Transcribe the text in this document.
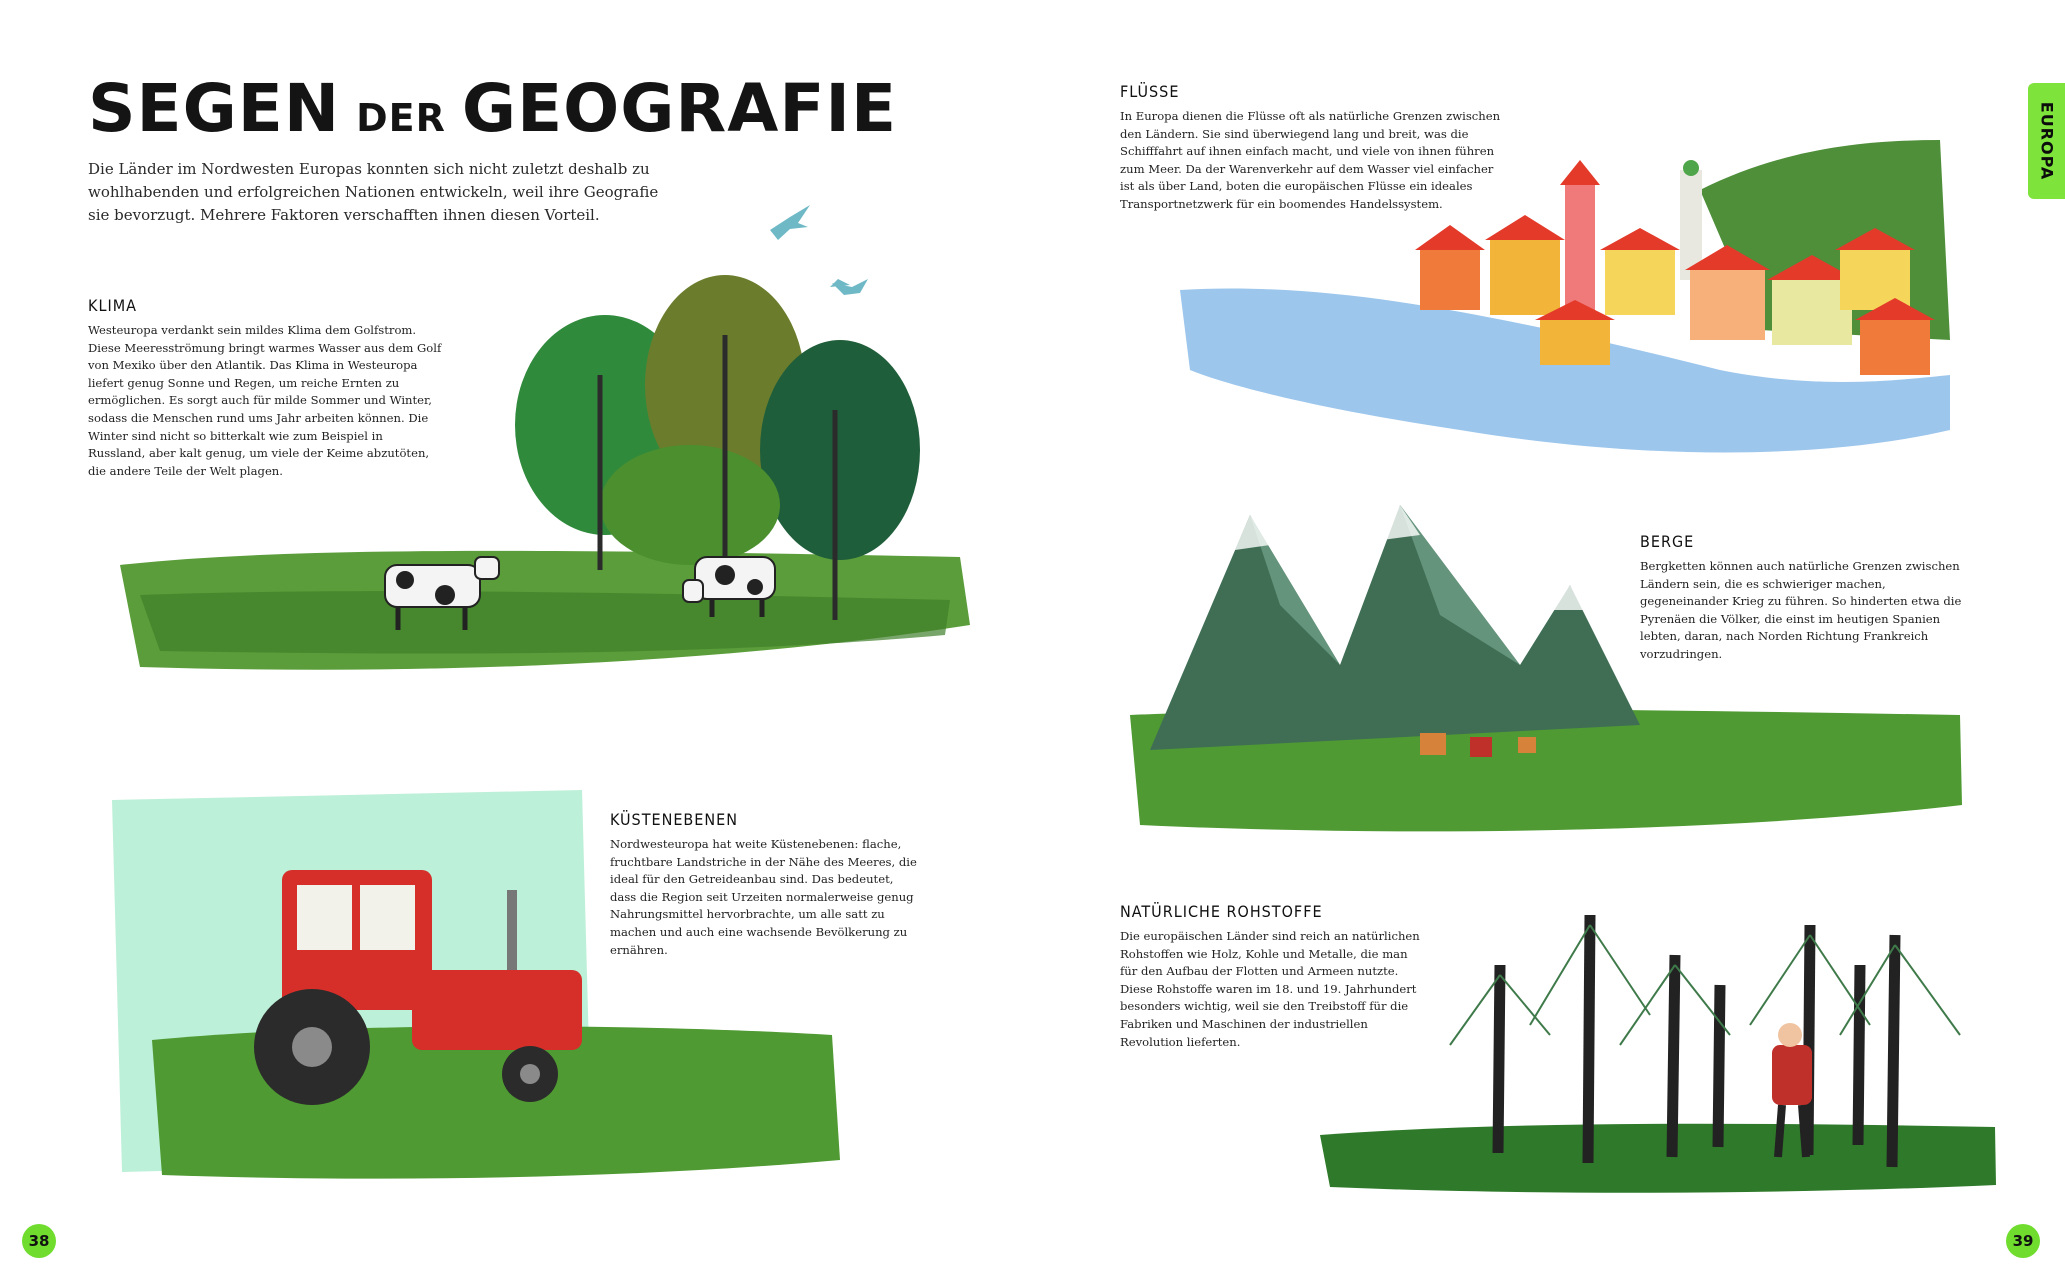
SEGEN DER GEOGRAFIE
Die Länder im Nordwesten Europas konnten sich nicht zuletzt deshalb zu wohlhabenden und erfolgreichen Nationen entwickeln, weil ihre Geografie sie bevorzugt. Mehrere Faktoren verschafften ihnen diesen Vorteil.
KLIMA
Westeuropa verdankt sein mildes Klima dem Golfstrom. Diese Meeresströmung bringt warmes Wasser aus dem Golf von Mexiko über den Atlantik. Das Klima in Westeuropa liefert genug Sonne und Regen, um reiche Ernten zu ermöglichen. Es sorgt auch für milde Sommer und Winter, sodass die Menschen rund ums Jahr arbeiten können. Die Winter sind nicht so bitterkalt wie zum Beispiel in Russland, aber kalt genug, um viele der Keime abzutöten, die andere Teile der Welt plagen.
KÜSTENEBENEN
Nordwesteuropa hat weite Küstenebenen: flache, fruchtbare Landstriche in der Nähe des Meeres, die ideal für den Getreideanbau sind. Das bedeutet, dass die Region seit Urzeiten normalerweise genug Nahrungsmittel hervorbrachte, um alle satt zu machen und auch eine wachsende Bevölkerung zu ernähren.
FLÜSSE
In Europa dienen die Flüsse oft als natürliche Grenzen zwischen den Ländern. Sie sind überwiegend lang und breit, was die Schifffahrt auf ihnen einfach macht, und viele von ihnen führen zum Meer. Da der Warenverkehr auf dem Wasser viel einfacher ist als über Land, boten die europäischen Flüsse ein ideales Transportnetzwerk für ein boomendes Handelssystem.
BERGE
Bergketten können auch natürliche Grenzen zwischen Ländern sein, die es schwieriger machen, gegeneinander Krieg zu führen. So hinderten etwa die Pyrenäen die Völker, die einst im heutigen Spanien lebten, daran, nach Norden Richtung Frankreich vorzudringen.
NATÜRLICHE ROHSTOFFE
Die europäischen Länder sind reich an natürlichen Rohstoffen wie Holz, Kohle und Metalle, die man für den Aufbau der Flotten und Armeen nutzte. Diese Rohstoffe waren im 18. und 19. Jahrhundert besonders wichtig, weil sie den Treibstoff für die Fabriken und Maschinen der industriellen Revolution lieferten.
EUROPA
38	39
